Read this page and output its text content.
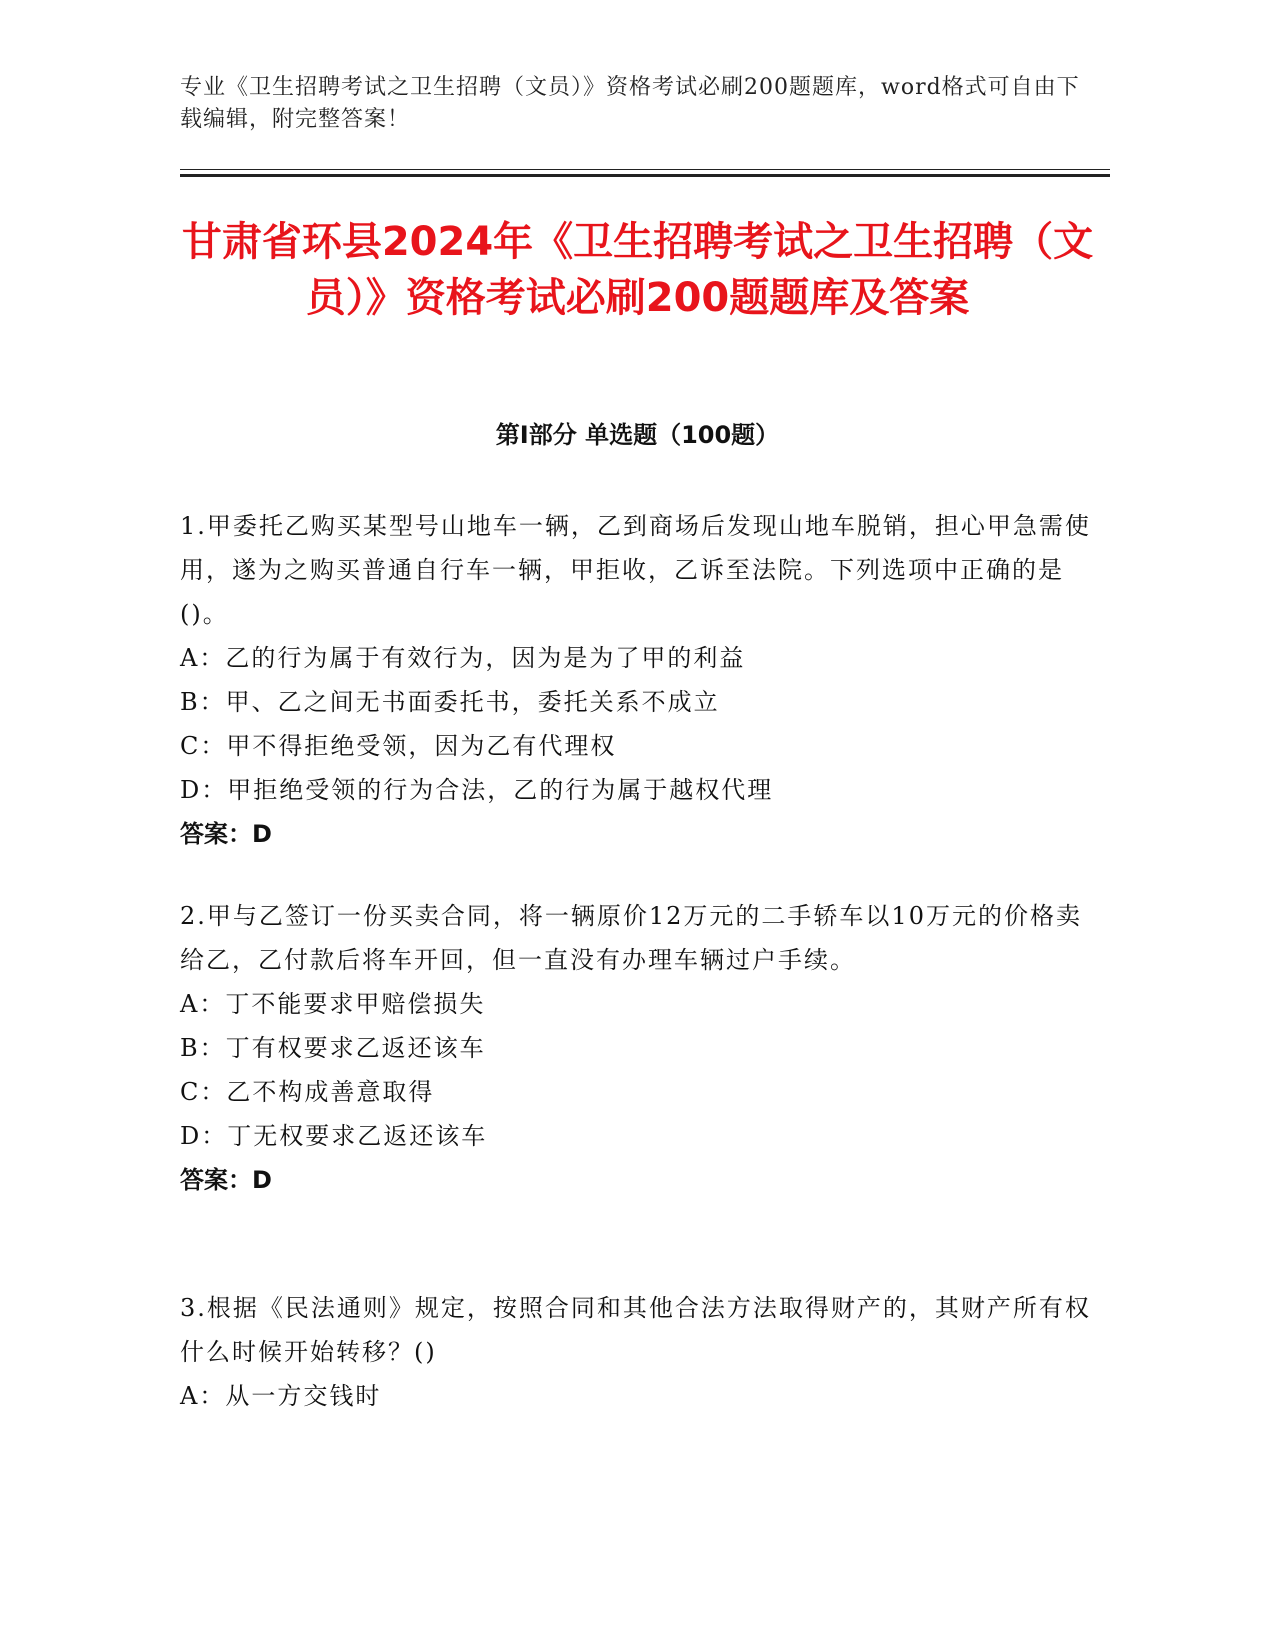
专业《卫生招聘考试之卫生招聘（文员）》资格考试必刷200题题库，word格式可自由下载编辑，附完整答案！
甘肃省环县2024年《卫生招聘考试之卫生招聘（文员）》资格考试必刷200题题库及答案
第Ⅰ部分 单选题（100题）
1.甲委托乙购买某型号山地车一辆，乙到商场后发现山地车脱销，担心甲急需使用，遂为之购买普通自行车一辆，甲拒收，乙诉至法院。下列选项中正确的是()。
A：乙的行为属于有效行为，因为是为了甲的利益
B：甲、乙之间无书面委托书，委托关系不成立
C：甲不得拒绝受领，因为乙有代理权
D：甲拒绝受领的行为合法，乙的行为属于越权代理
答案：D
2.甲与乙签订一份买卖合同，将一辆原价12万元的二手轿车以10万元的价格卖给乙，乙付款后将车开回，但一直没有办理车辆过户手续。
A：丁不能要求甲赔偿损失
B：丁有权要求乙返还该车
C：乙不构成善意取得
D：丁无权要求乙返还该车
答案：D
3.根据《民法通则》规定，按照合同和其他合法方法取得财产的，其财产所有权什么时候开始转移？()
A：从一方交钱时
